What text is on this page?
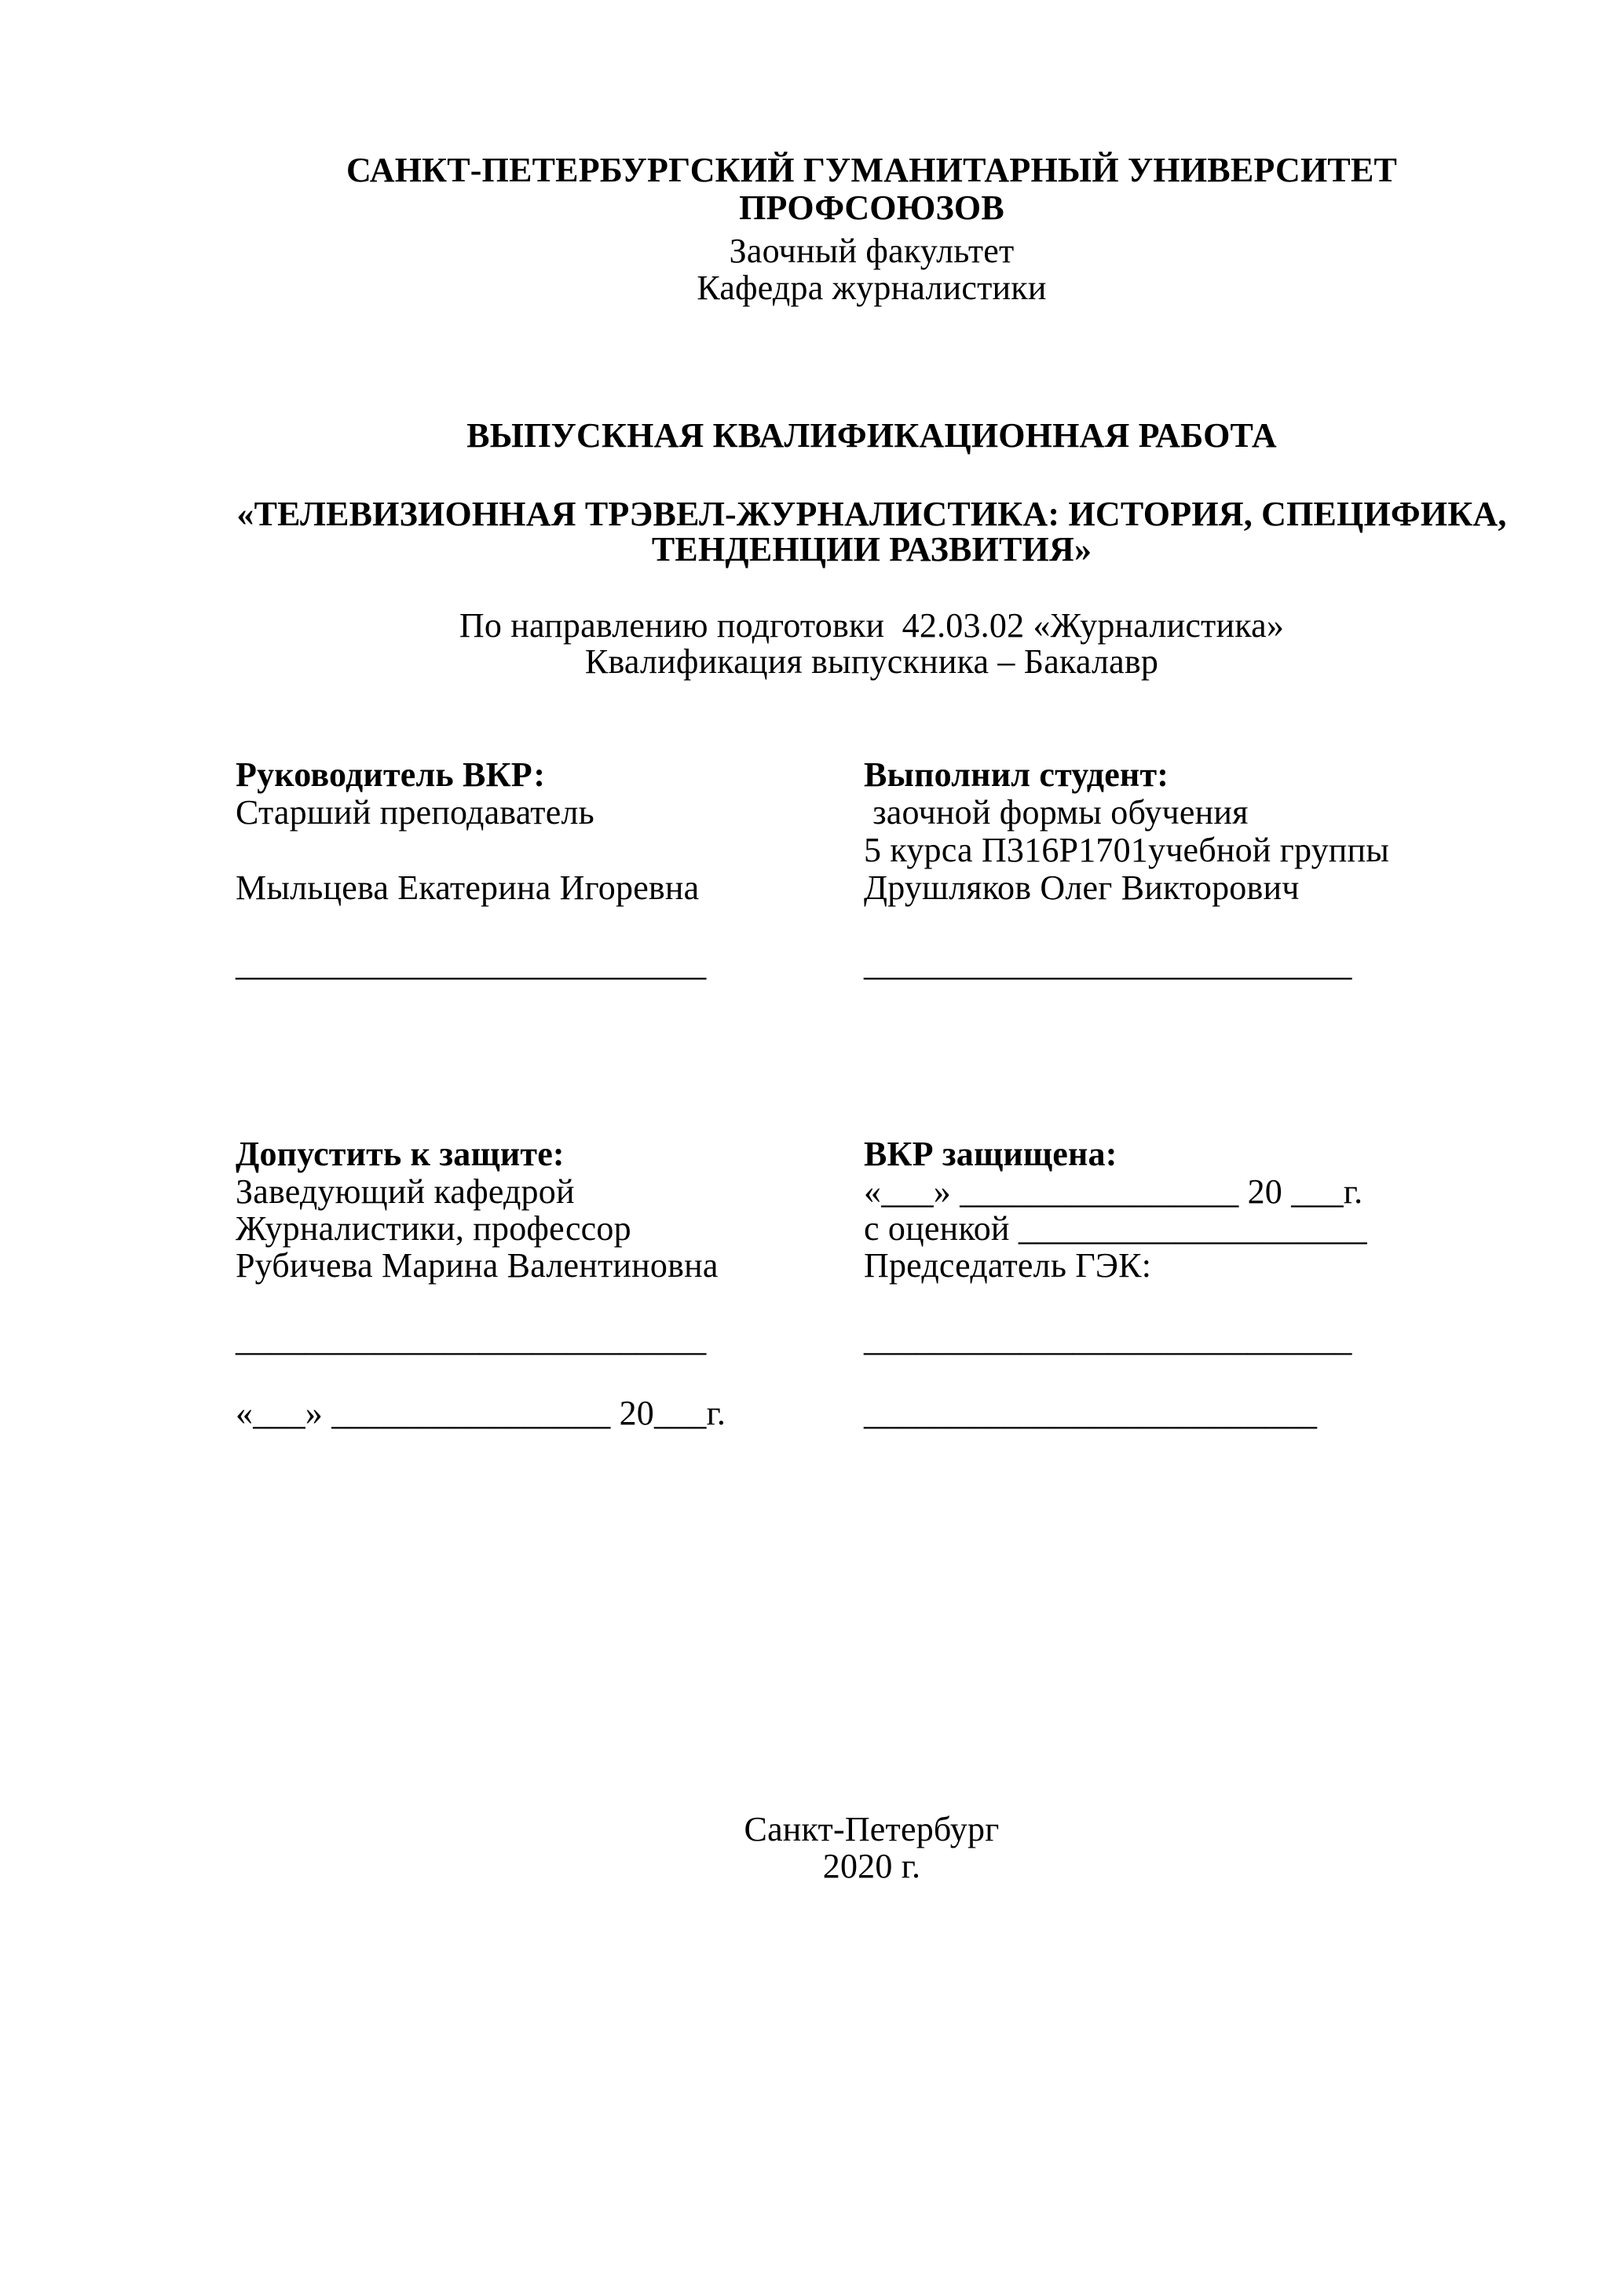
САНКТ-ПЕТЕРБУРГСКИЙ ГУМАНИТАРНЫЙ УНИВЕРСИТЕТ ПРОФСОЮЗОВ
Заочный факультет
Кафедра журналистики
ВЫПУСКНАЯ КВАЛИФИКАЦИОННАЯ РАБОТА
«ТЕЛЕВИЗИОННАЯ ТРЭВЕЛ-ЖУРНАЛИСТИКА: ИСТОРИЯ, СПЕЦИФИКА,
ТЕНДЕНЦИИ РАЗВИТИЯ»
По направлению подготовки  42.03.02 «Журналистика»
Квалификация выпускника – Бакалавр
Руководитель ВКР:
Старший преподаватель
Мыльцева Екатерина Игоревна
___________________________
Выполнил студент:
заочной формы обучения
5 курса П316Р1701учебной группы
Друшляков Олег Викторович
____________________________
Допустить к защите:
Заведующий кафедрой
Журналистики, профессор
Рубичева Марина Валентиновна
___________________________
«___» ________________ 20___г.
ВКР защищена:
«___» ________________ 20 ___г.
с оценкой ____________________
Председатель ГЭК:
____________________________
__________________________
Санкт-Петербург
2020 г.
